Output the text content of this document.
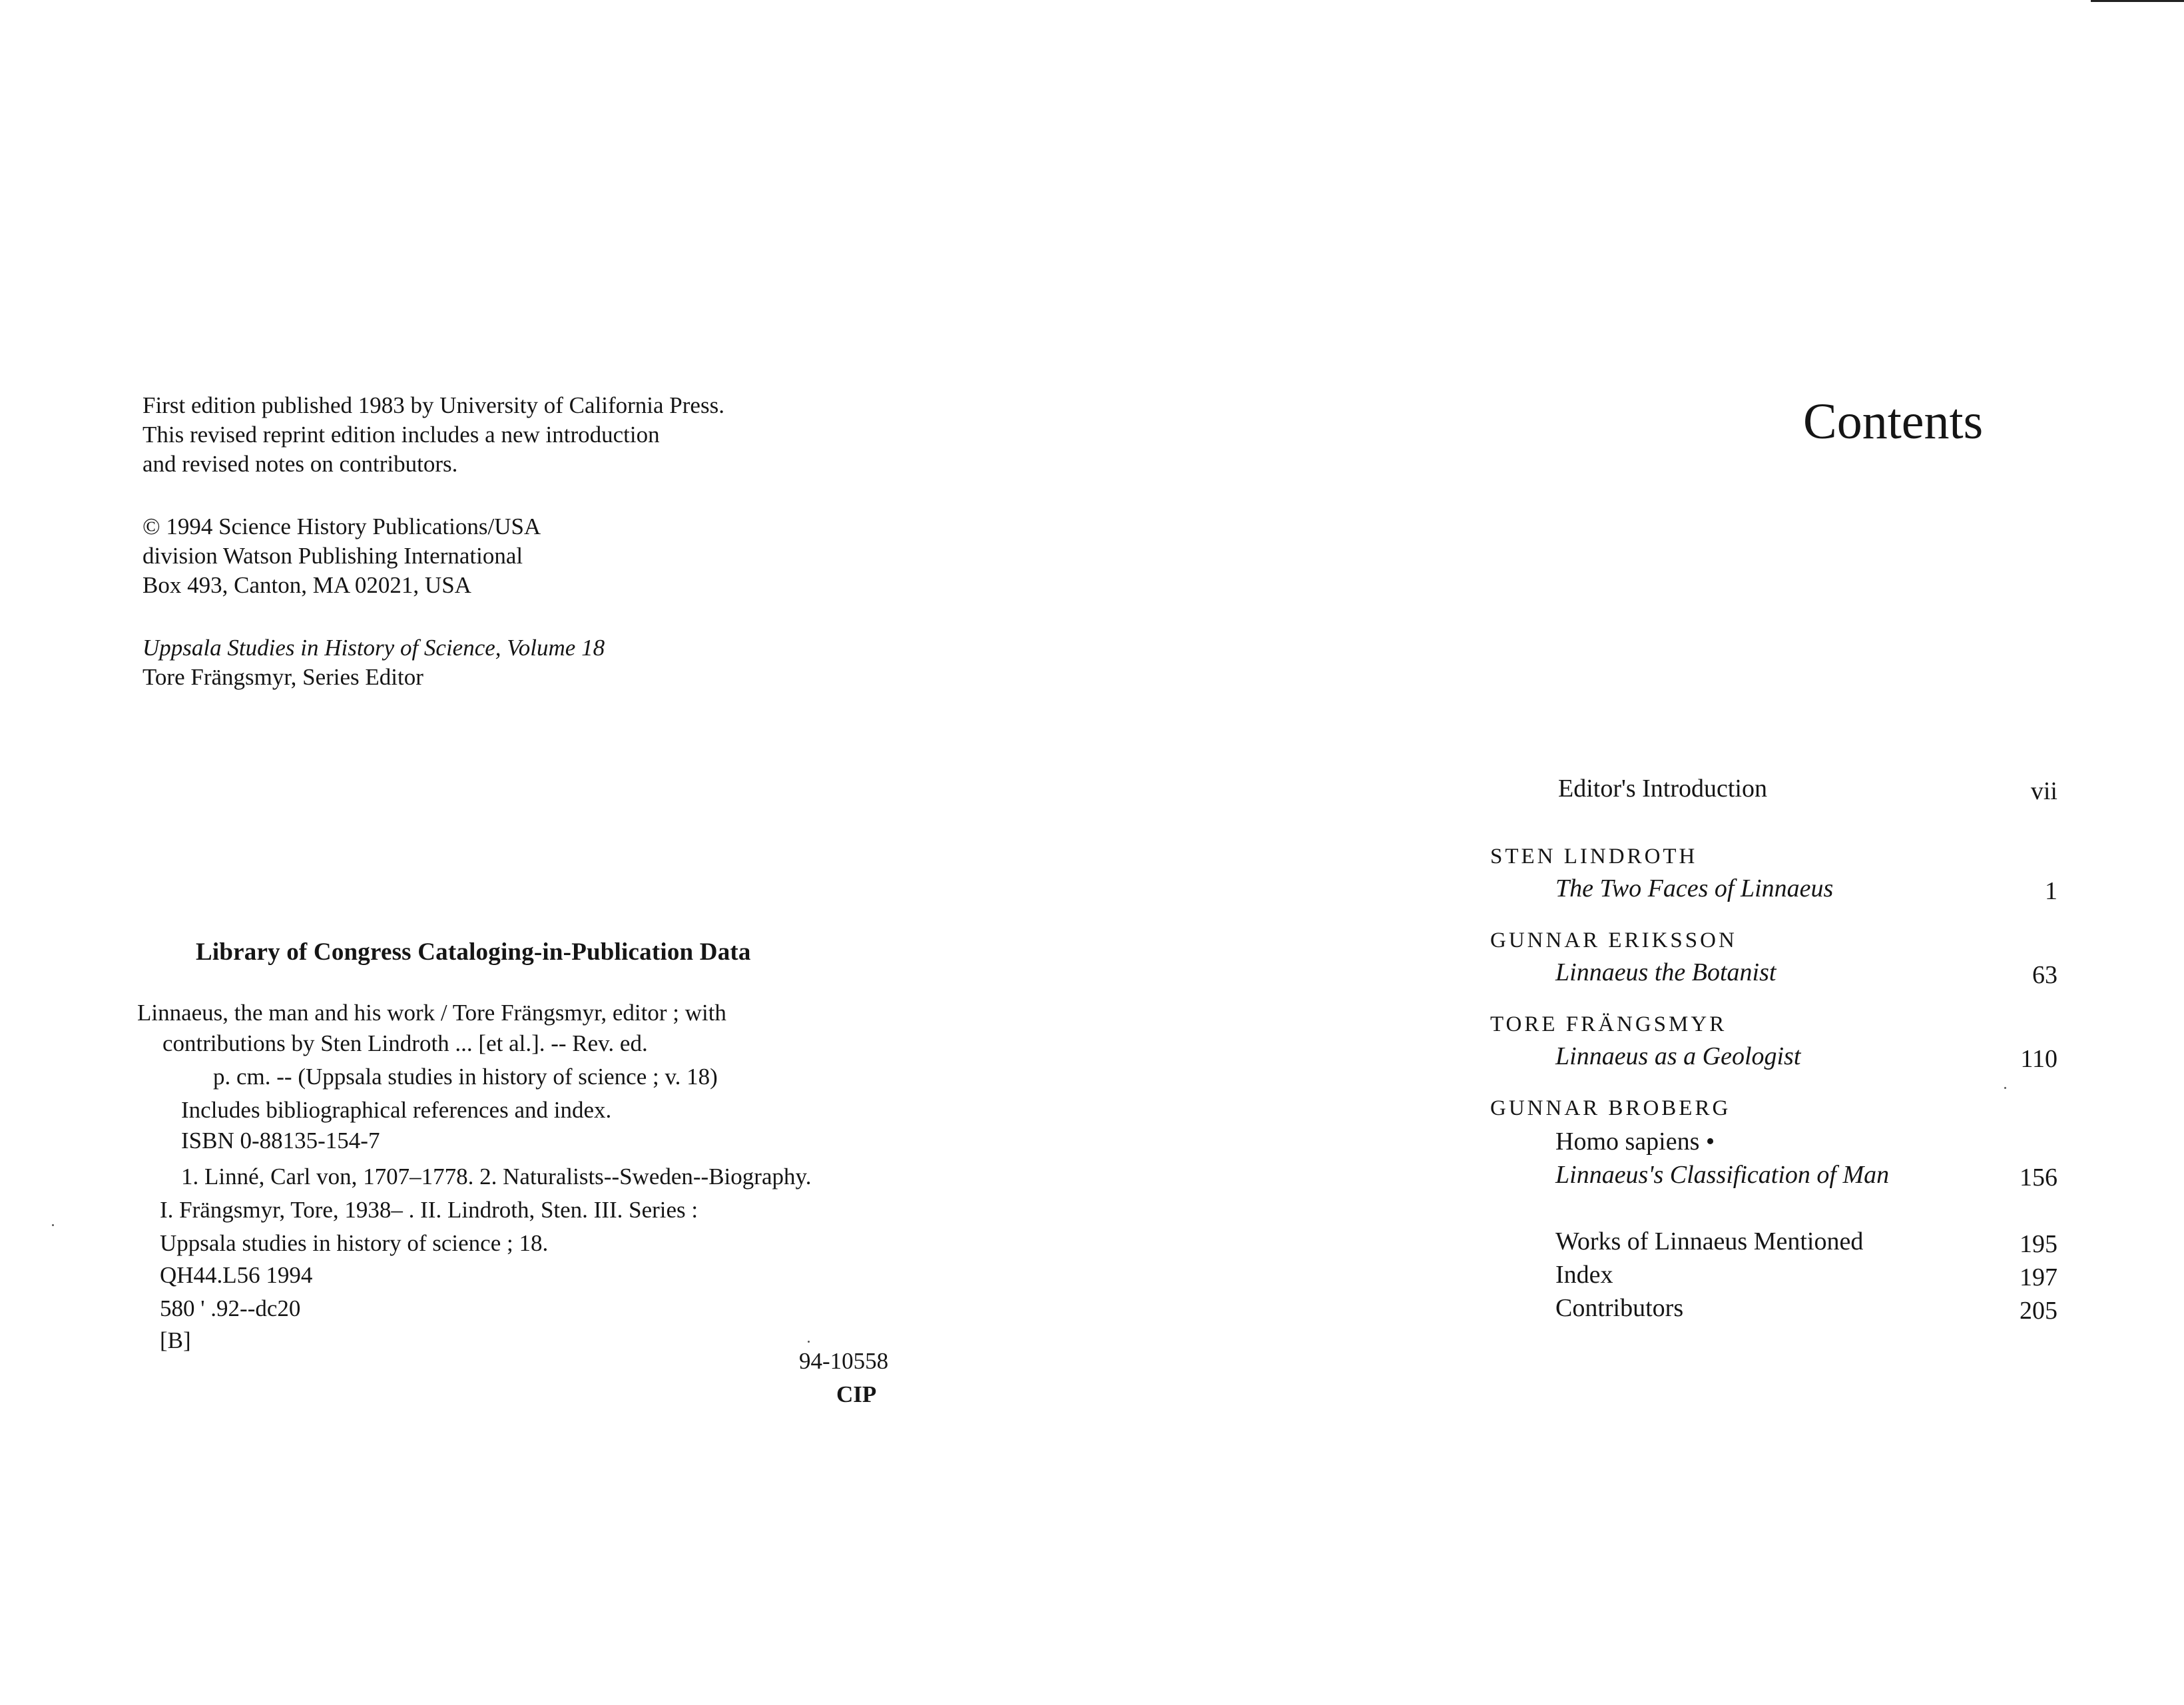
First edition published 1983 by University of California Press.
This revised reprint edition includes a new introduction
and revised notes on contributors.
© 1994 Science History Publications/USA
division Watson Publishing International
Box 493, Canton, MA 02021, USA
Uppsala Studies in History of Science, Volume 18
Tore Frängsmyr, Series Editor
Library of Congress Cataloging-in-Publication Data
Linnaeus, the man and his work / Tore Frängsmyr, editor ; with
contributions by Sten Lindroth ... [et al.]. -- Rev. ed.
p. cm. -- (Uppsala studies in history of science ; v. 18)
Includes bibliographical references and index.
ISBN 0-88135-154-7
1. Linné, Carl von, 1707–1778. 2. Naturalists--Sweden--Biography.
I. Frängsmyr, Tore, 1938– . II. Lindroth, Sten. III. Series :
Uppsala studies in history of science ; 18.
QH44.L56 1994
580 ' .92--dc20
[B]
94-10558
CIP
Contents
Editor's Introduction	vii
STEN LINDROTH
The Two Faces of Linnaeus	1
GUNNAR ERIKSSON
Linnaeus the Botanist	63
TORE FRÄNGSMYR
Linnaeus as a Geologist	110
GUNNAR BROBERG
Homo sapiens •
Linnaeus's Classification of Man	156
Works of Linnaeus Mentioned	195
Index	197
Contributors	205
